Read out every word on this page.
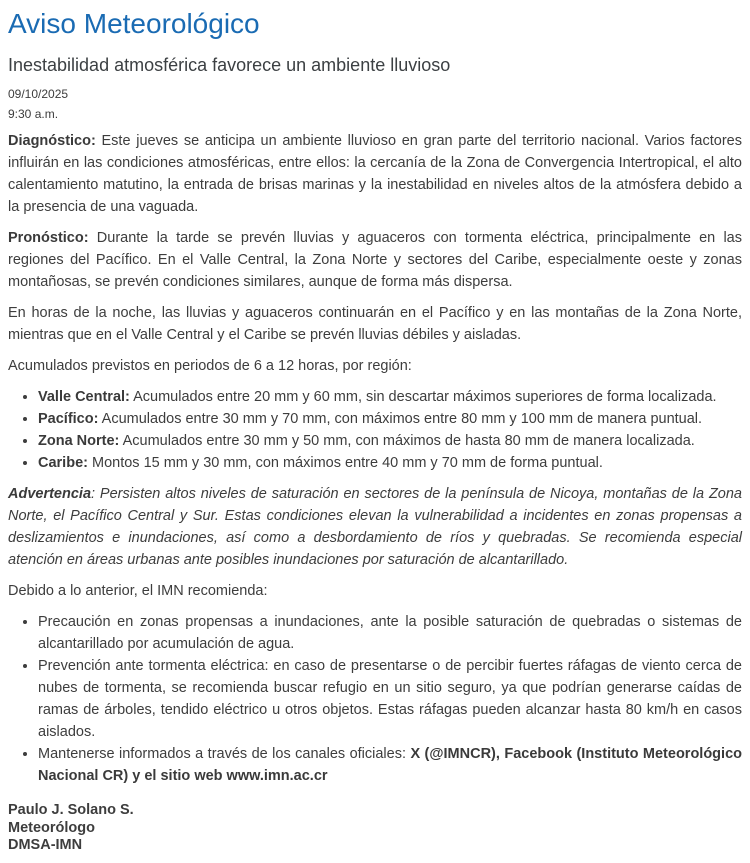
Aviso Meteorológico
Inestabilidad atmosférica favorece un ambiente lluvioso

09/10/2025

9:30 a.m.

Diagnóstico: Este jueves se anticipa un ambiente lluvioso en gran parte del territorio nacional. Varios factores influirán en las condiciones atmosféricas, entre ellos: la cercanía de la Zona de Convergencia Intertropical, el alto calentamiento matutino, la entrada de brisas marinas y la inestabilidad en niveles altos de la atmósfera debido a la presencia de una vaguada.

Pronóstico: Durante la tarde se prevén lluvias y aguaceros con tormenta eléctrica, principalmente en las regiones del Pacífico. En el Valle Central, la Zona Norte y sectores del Caribe, especialmente oeste y zonas montañosas, se prevén condiciones similares, aunque de forma más dispersa.

En horas de la noche, las lluvias y aguaceros continuarán en el Pacífico y en las montañas de la Zona Norte, mientras que en el Valle Central y el Caribe se prevén lluvias débiles y aisladas.

Acumulados previstos en periodos de 6 a 12 horas, por región:

• Valle Central: Acumulados entre 20 mm y 60 mm, sin descartar máximos superiores de forma localizada.
• Pacífico: Acumulados entre 30 mm y 70 mm, con máximos entre 80 mm y 100 mm de manera puntual.
• Zona Norte: Acumulados entre 30 mm y 50 mm, con máximos de hasta 80 mm de manera localizada.
• Caribe: Montos 15 mm y 30 mm, con máximos entre 40 mm y 70 mm de forma puntual.

Advertencia: Persisten altos niveles de saturación en sectores de la península de Nicoya, montañas de la Zona Norte, el Pacífico Central y Sur. Estas condiciones elevan la vulnerabilidad a incidentes en zonas propensas a deslizamientos e inundaciones, así como a desbordamiento de ríos y quebradas. Se recomienda especial atención en áreas urbanas ante posibles inundaciones por saturación de alcantarillado.

Debido a lo anterior, el IMN recomienda:

• Precaución en zonas propensas a inundaciones, ante la posible saturación de quebradas o sistemas de alcantarillado por acumulación de agua.
• Prevención ante tormenta eléctrica: en caso de presentarse o de percibir fuertes ráfagas de viento cerca de nubes de tormenta, se recomienda buscar refugio en un sitio seguro, ya que podrían generarse caídas de ramas de árboles, tendido eléctrico u otros objetos. Estas ráfagas pueden alcanzar hasta 80 km/h en casos aislados.
• Mantenerse informados a través de los canales oficiales: X (@IMNCR), Facebook (Instituto Meteorológico Nacional CR) y el sitio web www.imn.ac.cr

Paulo J. Solano S.

Meteorólogo

DMSA-IMN
